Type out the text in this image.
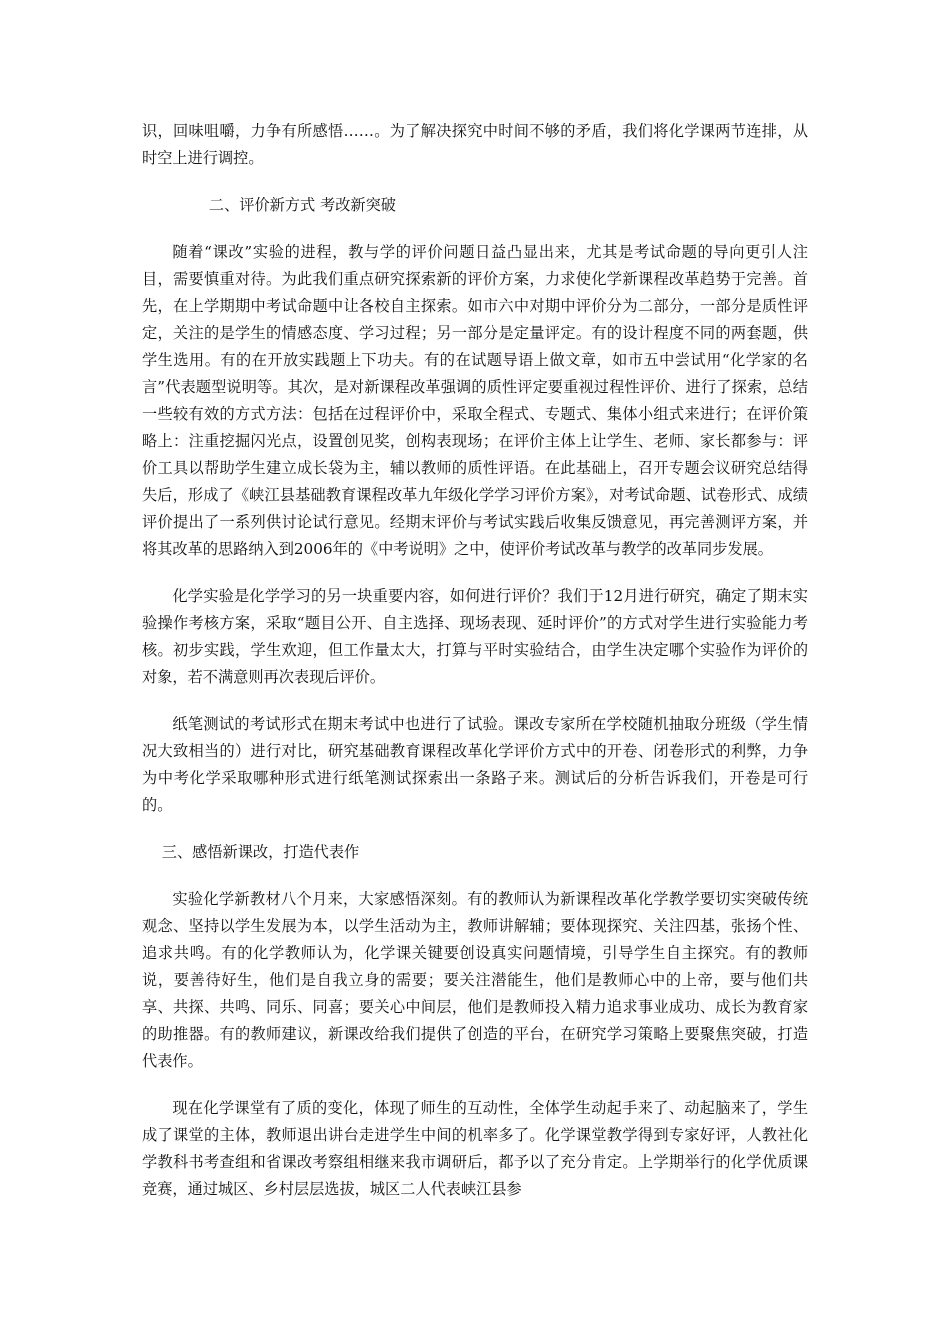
识，回味咀嚼，力争有所感悟……。为了解决探究中时间不够的矛盾，我们将化学课两节连排，从时空上进行调控。

二、评价新方式 考改新突破

随着“课改”实验的进程，教与学的评价问题日益凸显出来，尤其是考试命题的导向更引人注目，需要慎重对待。为此我们重点研究探索新的评价方案，力求使化学新课程改革趋势于完善。首先，在上学期期中考试命题中让各校自主探索。如市六中对期中评价分为二部分，一部分是质性评定，关注的是学生的情感态度、学习过程；另一部分是定量评定。有的设计程度不同的两套题，供学生选用。有的在开放实践题上下功夫。有的在试题导语上做文章，如市五中尝试用“化学家的名言”代表题型说明等。其次，是对新课程改革强调的质性评定要重视过程性评价、进行了探索，总结一些较有效的方式方法：包括在过程评价中，采取全程式、专题式、集体小组式来进行；在评价策略上：注重挖掘闪光点，设置创见奖，创构表现场；在评价主体上让学生、老师、家长都参与：评价工具以帮助学生建立成长袋为主，辅以教师的质性评语。在此基础上，召开专题会议研究总结得失后，形成了《峡江县基础教育课程改革九年级化学学习评价方案》，对考试命题、试卷形式、成绩评价提出了一系列供讨论试行意见。经期末评价与考试实践后收集反馈意见，再完善测评方案，并将其改革的思路纳入到2006年的《中考说明》之中，使评价考试改革与教学的改革同步发展。

化学实验是化学学习的另一块重要内容，如何进行评价？我们于12月进行研究，确定了期末实验操作考核方案，采取“题目公开、自主选择、现场表现、延时评价”的方式对学生进行实验能力考核。初步实践，学生欢迎，但工作量太大，打算与平时实验结合，由学生决定哪个实验作为评价的对象，若不满意则再次表现后评价。

纸笔测试的考试形式在期末考试中也进行了试验。课改专家所在学校随机抽取分班级（学生情况大致相当的）进行对比，研究基础教育课程改革化学评价方式中的开卷、闭卷形式的利弊，力争为中考化学采取哪种形式进行纸笔测试探索出一条路子来。测试后的分析告诉我们，开卷是可行的。

三、感悟新课改，打造代表作

实验化学新教材八个月来，大家感悟深刻。有的教师认为新课程改革化学教学要切实突破传统观念、坚持以学生发展为本，以学生活动为主，教师讲解辅；要体现探究、关注四基，张扬个性、追求共鸣。有的化学教师认为，化学课关键要创设真实问题情境，引导学生自主探究。有的教师说，要善待好生，他们是自我立身的需要；要关注潜能生，他们是教师心中的上帝，要与他们共享、共探、共鸣、同乐、同喜；要关心中间层，他们是教师投入精力追求事业成功、成长为教育家的助推器。有的教师建议，新课改给我们提供了创造的平台，在研究学习策略上要聚焦突破，打造代表作。

现在化学课堂有了质的变化，体现了师生的互动性，全体学生动起手来了、动起脑来了，学生成了课堂的主体，教师退出讲台走进学生中间的机率多了。化学课堂教学得到专家好评，人教社化学教科书考查组和省课改考察组相继来我市调研后，都予以了充分肯定。上学期举行的化学优质课竞赛，通过城区、乡村层层选拔，城区二人代表峡江县参
